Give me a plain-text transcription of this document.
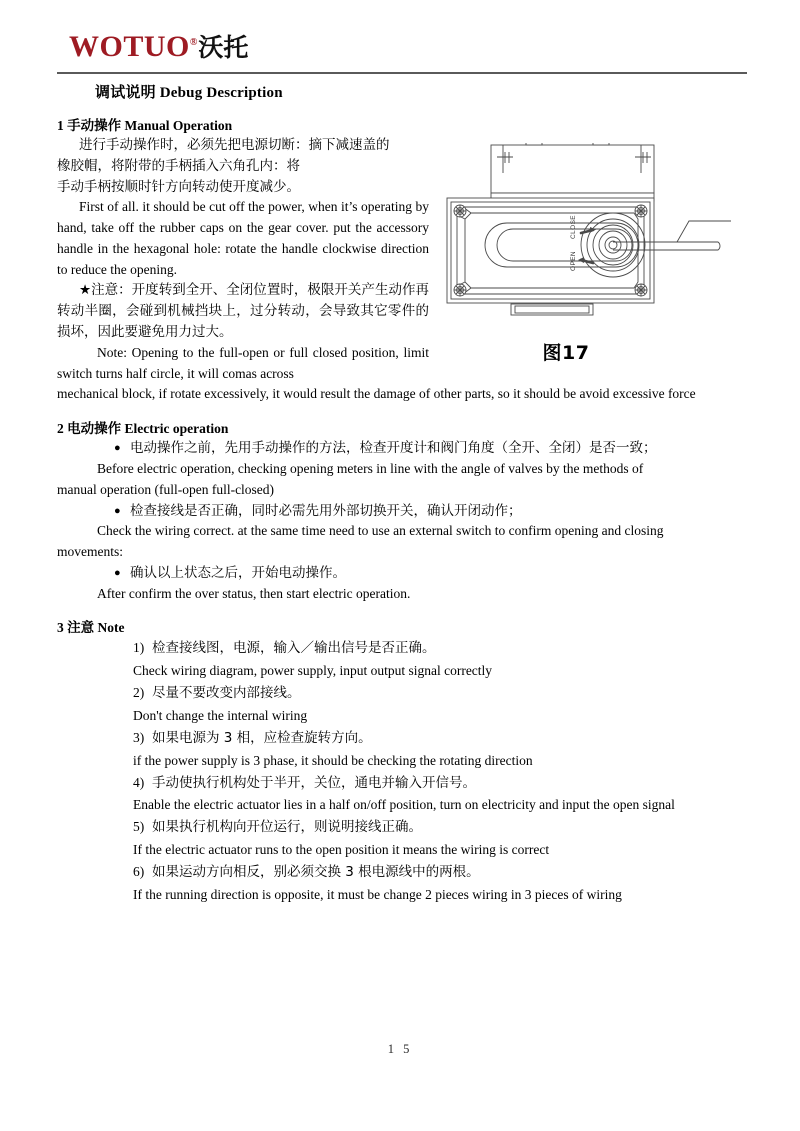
WOTUO ® 沃托
调试说明 Debug Description
1 手动操作 Manual Operation

进行手动操作时，必须先把电源切断：摘下减速盖的

橡胶帽，将附带的手柄插入六角孔内：将

手动手柄按顺时针方向转动使开度减少。

First of all. it should be cut off the power, when it’s operating by hand, take off the rubber caps on the gear cover. put the accessory handle in the hexagonal hole: rotate the handle clockwise direction to reduce the opening.

★注意：开度转到全开、全闭位置时，极限开关产生动作再转动半圈，会碰到机械挡块上，过分转动，会导致其它零件的损坏，因此要避免用力过大。

Note: Opening to the full-open or full closed position, limit switch turns half circle, it will comas across

mechanical block, if rotate excessively, it would result the damage of other parts, so it should be avoid excessive force

2 电动操作 Electric operation
● 电动操作之前，先用手动操作的方法，检查开度计和阀门角度（全开、全闭）是否一致；

Before electric operation, checking opening meters in line with the angle of valves by the methods of

manual operation (full-open full-closed)

● 检查接线是否正确，同时必需先用外部切换开关，确认开闭动作；

Check the wiring correct. at the same time need to use an external switch to confirm opening and closing

movements:

● 确认以上状态之后，开始电动操作。

After confirm the over status, then start electric operation.

3 注意 Note
1) 检查接线图，电源，输入／输出信号是否正确。
Check wiring diagram, power supply, input output signal correctly
2) 尽量不要改变内部接线。
Don't change the internal wiring
3) 如果电源为 3 相，应检查旋转方向。
if the power supply is 3 phase, it should be checking the rotating direction
4) 手动使执行机构处于半开，关位，通电并输入开信号。
Enable the electric actuator lies in a half on/off position, turn on electricity and input the open signal
5) 如果执行机构向开位运行，则说明接线正确。
If the electric actuator runs to the open position it means the wiring is correct
6) 如果运动方向相反，别必须交换 3 根电源线中的两根。
If the running direction is opposite, it must be change 2 pieces wiring in 3 pieces of wiring
CLOSE
OPEN
图17
1 5
